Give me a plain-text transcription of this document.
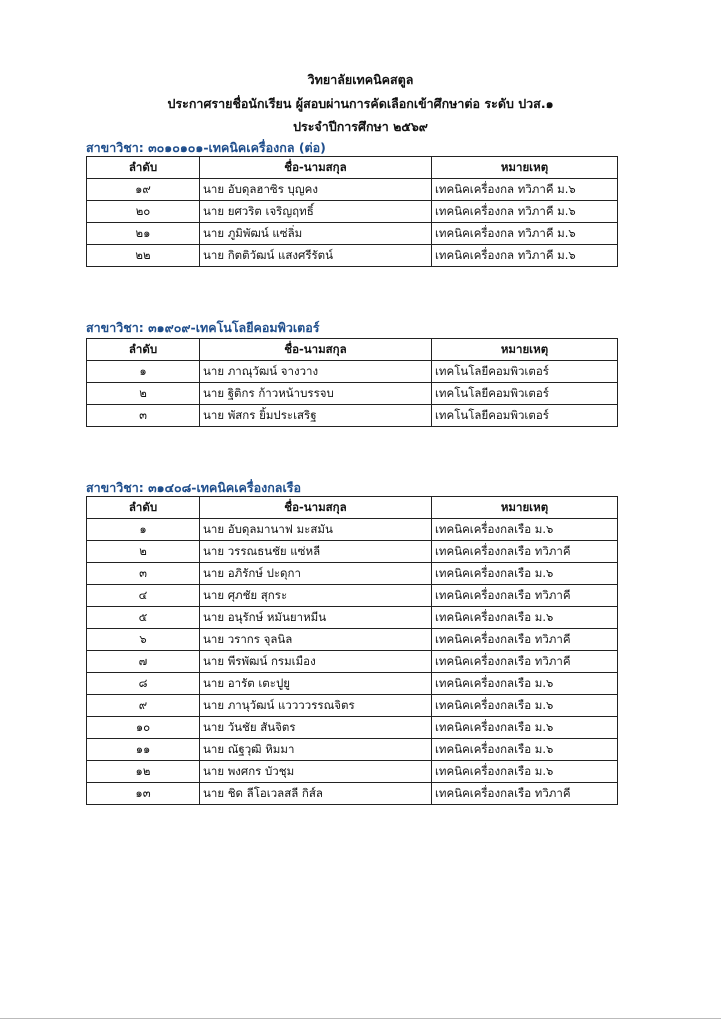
วิทยาลัยเทคนิคสตูล
ประกาศรายชื่อนักเรียน ผู้สอบผ่านการคัดเลือกเข้าศึกษาต่อ ระดับ ปวส.๑
ประจำปีการศึกษา ๒๕๖๙
สาขาวิชา: ๓๐๑๐๑๐๑-เทคนิคเครื่องกล (ต่อ)
ลำดับ	ชื่อ-นามสกุล	หมายเหตุ
๑๙	นาย อับดุลฮาซิร บุญคง	เทคนิคเครื่องกล ทวิภาคี ม.๖
๒๐	นาย ยศวริต เจริญฤทธิ์	เทคนิคเครื่องกล ทวิภาคี ม.๖
๒๑	นาย ภูมิพัฒน์ แซ่ลิ่ม	เทคนิคเครื่องกล ทวิภาคี ม.๖
๒๒	นาย กิตติวัฒน์ แสงศรีรัตน์	เทคนิคเครื่องกล ทวิภาคี ม.๖
สาขาวิชา: ๓๑๙๐๙-เทคโนโลยีคอมพิวเตอร์
ลำดับ	ชื่อ-นามสกุล	หมายเหตุ
๑	นาย ภาณุวัฒน์ จางวาง	เทคโนโลยีคอมพิวเตอร์
๒	นาย ฐิติกร ก้าวหน้าบรรจบ	เทคโนโลยีคอมพิวเตอร์
๓	นาย พัสกร ยิ้มประเสริฐ	เทคโนโลยีคอมพิวเตอร์
สาขาวิชา: ๓๑๔๐๘-เทคนิคเครื่องกลเรือ
ลำดับ	ชื่อ-นามสกุล	หมายเหตุ
๑	นาย อับดุลมานาฟ มะสมัน	เทคนิคเครื่องกลเรือ ม.๖
๒	นาย วรรณธนชัย แซ่หลี	เทคนิคเครื่องกลเรือ ทวิภาคี
๓	นาย อภิรักษ์ ปะดุกา	เทคนิคเครื่องกลเรือ ม.๖
๔	นาย ศุภชัย สุกระ	เทคนิคเครื่องกลเรือ ทวิภาคี
๕	นาย อนุรักษ์ หมันยาหมีน	เทคนิคเครื่องกลเรือ ม.๖
๖	นาย วรากร จุลนิล	เทคนิคเครื่องกลเรือ ทวิภาคี
๗	นาย พีรพัฒน์ กรมเมือง	เทคนิคเครื่องกลเรือ ทวิภาคี
๘	นาย อารัต เตะปูยู	เทคนิคเครื่องกลเรือ ม.๖
๙	นาย ภานุวัฒน์ แววววรรณจิตร	เทคนิคเครื่องกลเรือ ม.๖
๑๐	นาย วันชัย สันจิตร	เทคนิคเครื่องกลเรือ ม.๖
๑๑	นาย ณัฐวุฒิ หิมมา	เทคนิคเครื่องกลเรือ ม.๖
๑๒	นาย พงศกร บัวชุม	เทคนิคเครื่องกลเรือ ม.๖
๑๓	นาย ชิด ลีโอเวลสลี กิส์ล	เทคนิคเครื่องกลเรือ ทวิภาคี
